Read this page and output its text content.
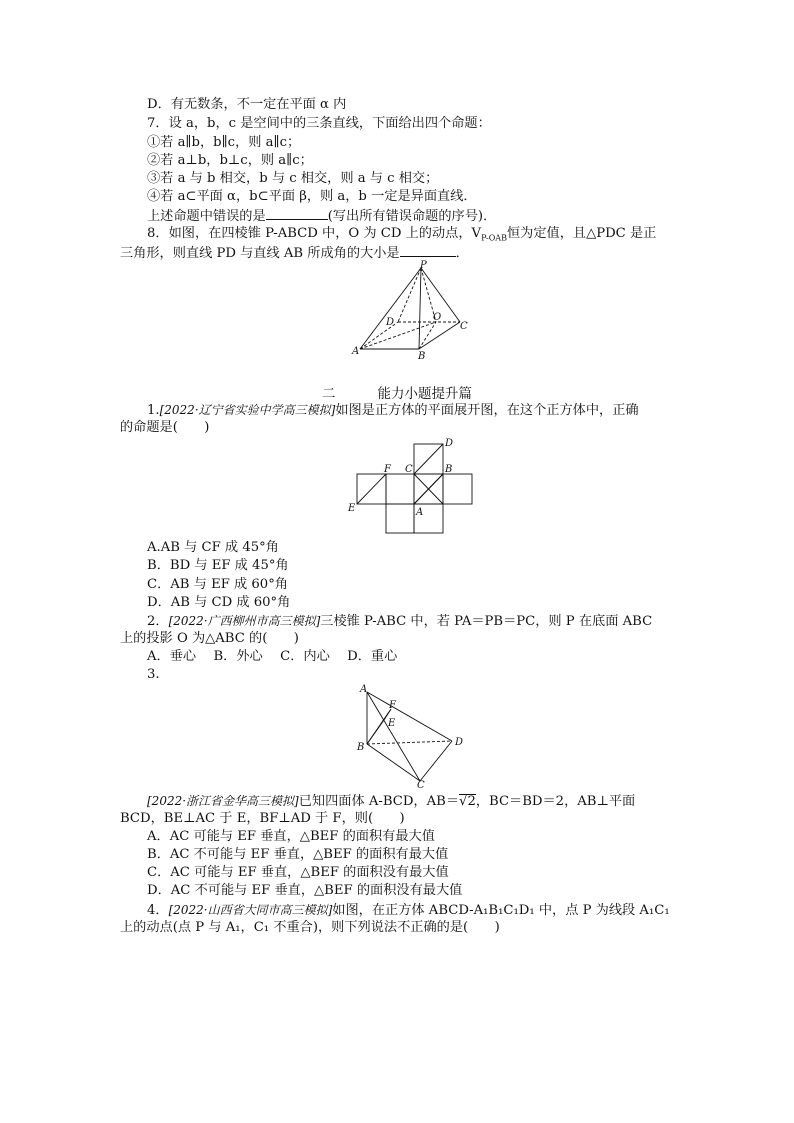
D．有无数条，不一定在平面 α 内
7．设 a，b，c 是空间中的三条直线，下面给出四个命题：
①若 a∥b，b∥c，则 a∥c；
②若 a⊥b，b⊥c，则 a∥c；
③若 a 与 b 相交，b 与 c 相交，则 a 与 c 相交；
④若 a⊂平面 α，b⊂平面 β，则 a，b 一定是异面直线．
上述命题中错误的是	(写出所有错误命题的序号)．
8．如图，在四棱锥 P-ABCD 中，O 为 CD 上的动点，$V_{P-OAB}$恒为定值，且△PDC 是正
三角形，则直线 PD 与直线 AB 所成角的大小是	．
P
D	O
C
A	B
二	能力小题提升篇
1.[2022·辽宁省实验中学高三模拟]如图是正方体的平面展开图，在这个正方体中，正确
的命题是(　　)
D
F C	B
E	A
A.AB 与 CF 成 45°角
B．BD 与 EF 成 45°角
C．AB 与 EF 成 60°角
D．AB 与 CD 成 60°角
2．[2022·广西柳州市高三模拟]三棱锥 P-ABC 中，若 PA＝PB＝PC，则 P 在底面 ABC
上的投影 O 为△ABC 的(　　)
A．垂心　 B．外心　 C．内心　 D．重心
3.
A
F
E
B	D
C
[2022·浙江省金华高三模拟]已知四面体 A-BCD，AB＝√2，BC＝BD＝2，AB⊥平面
BCD，BE⊥AC 于 E，BF⊥AD 于 F，则(　　)
A．AC 可能与 EF 垂直，△BEF 的面积有最大值
B．AC 不可能与 EF 垂直，△BEF 的面积有最大值
C．AC 可能与 EF 垂直，△BEF 的面积没有最大值
D．AC 不可能与 EF 垂直，△BEF 的面积没有最大值
4．[2022·山西省大同市高三模拟]如图，在正方体 ABCD-A₁B₁C₁D₁ 中，点 P 为线段 A₁C₁
上的动点(点 P 与 A₁，C₁ 不重合)，则下列说法不正确的是(　　)
